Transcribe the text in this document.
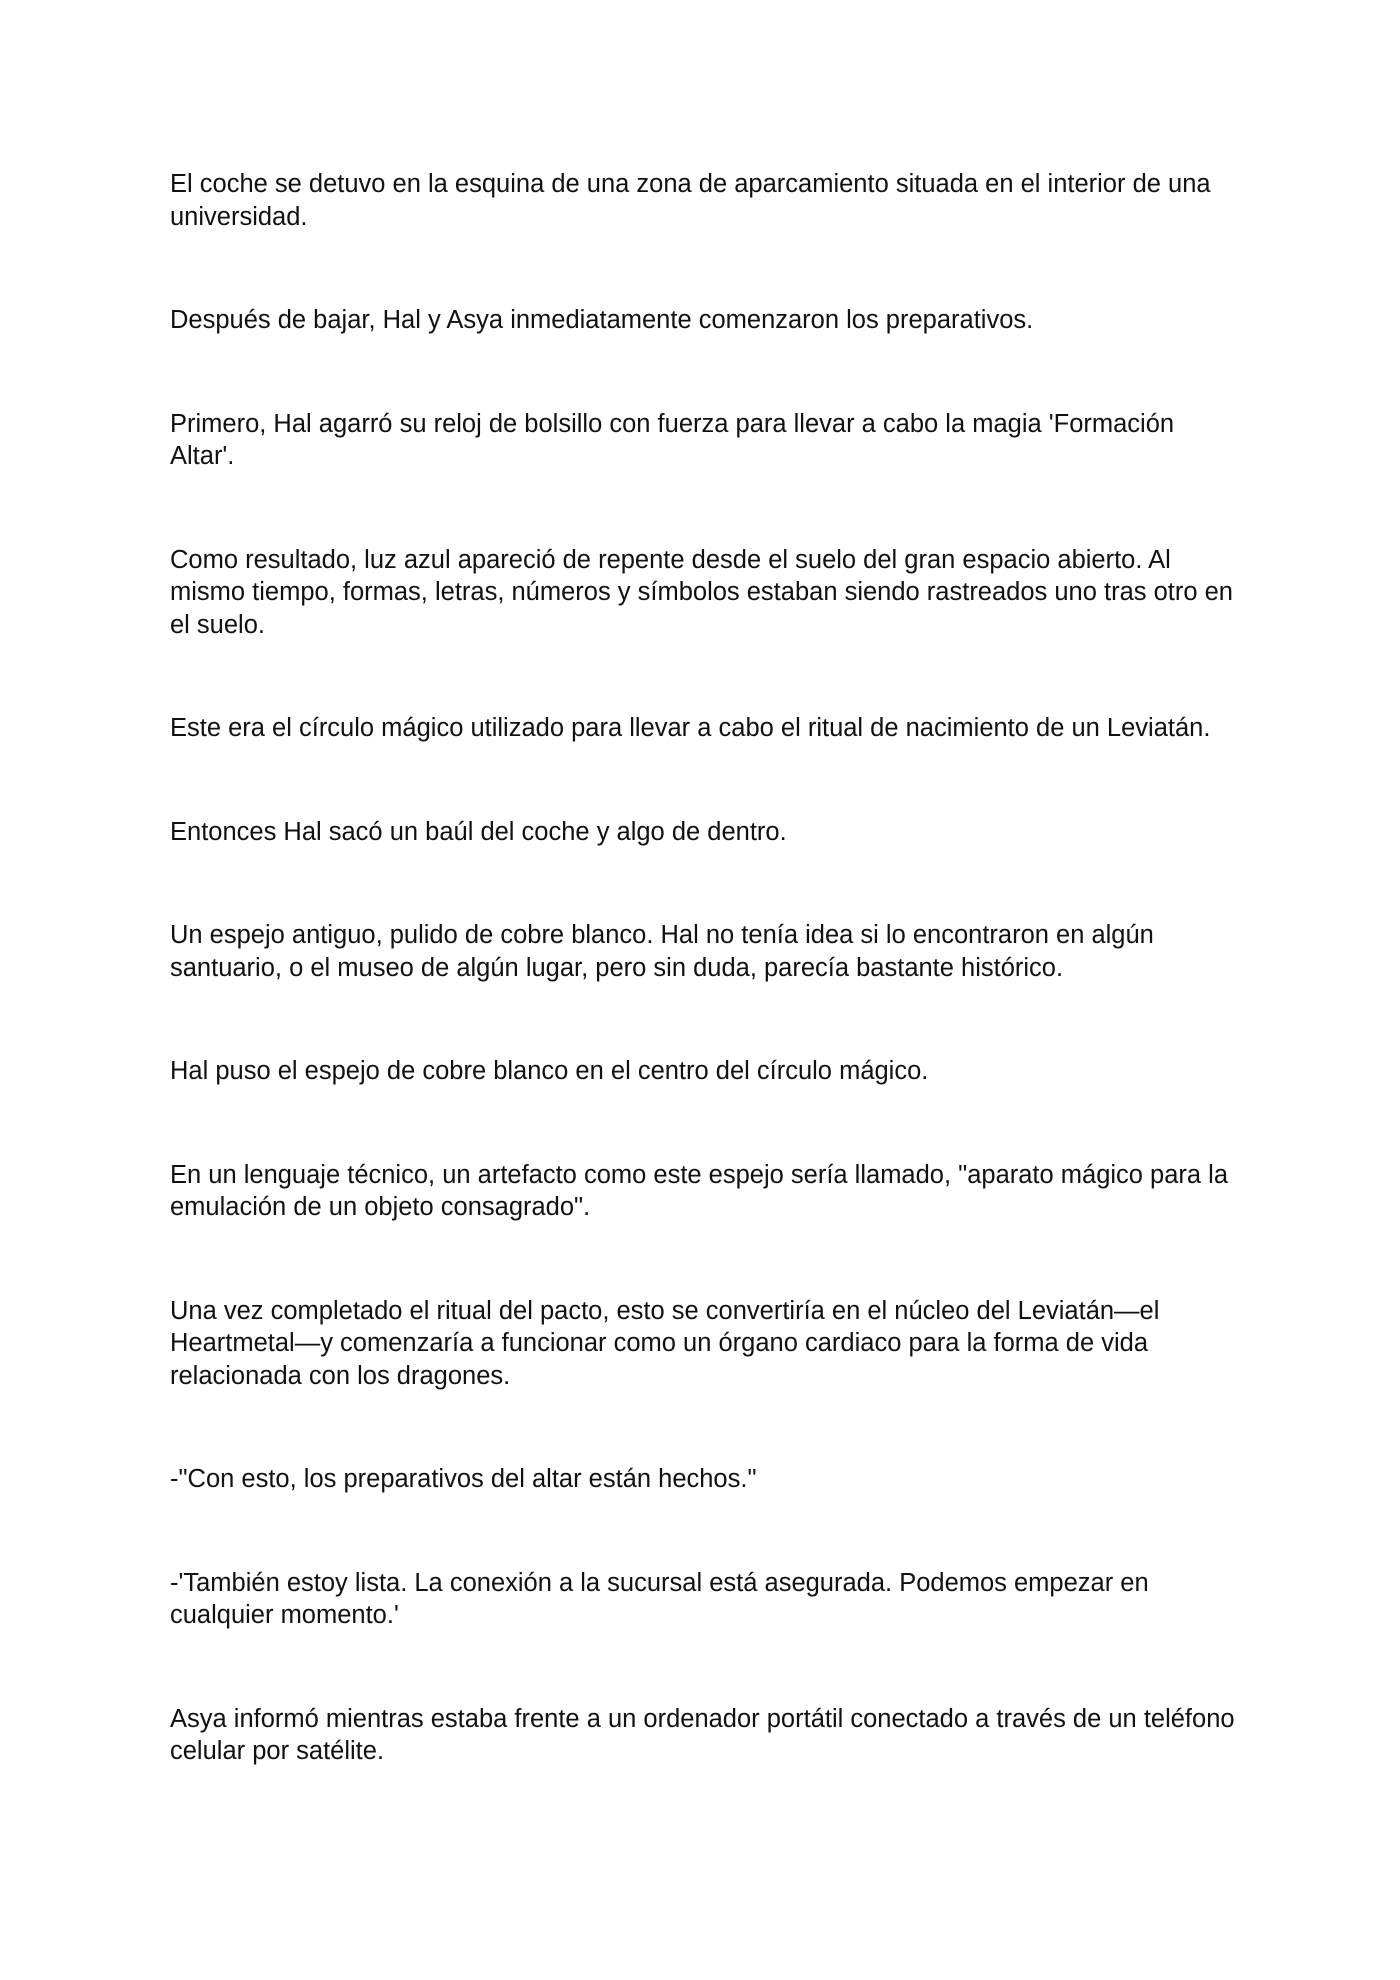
El coche se detuvo en la esquina de una zona de aparcamiento situada en el interior de una universidad.

Después de bajar, Hal y Asya inmediatamente comenzaron los preparativos.

Primero, Hal agarró su reloj de bolsillo con fuerza para llevar a cabo la magia 'Formación Altar'.

Como resultado, luz azul apareció de repente desde el suelo del gran espacio abierto. Al mismo tiempo, formas, letras, números y símbolos estaban siendo rastreados uno tras otro en el suelo.

Este era el círculo mágico utilizado para llevar a cabo el ritual de nacimiento de un Leviatán.

Entonces Hal sacó un baúl del coche y algo de dentro.

Un espejo antiguo, pulido de cobre blanco. Hal no tenía idea si lo encontraron en algún santuario, o el museo de algún lugar, pero sin duda, parecía bastante histórico.

Hal puso el espejo de cobre blanco en el centro del círculo mágico.

En un lenguaje técnico, un artefacto como este espejo sería llamado, "aparato mágico para la emulación de un objeto consagrado".

Una vez completado el ritual del pacto, esto se convertiría en el núcleo del Leviatán—el Heartmetal—y comenzaría a funcionar como un órgano cardiaco para la forma de vida relacionada con los dragones.

-"Con esto, los preparativos del altar están hechos."

-'También estoy lista. La conexión a la sucursal está asegurada. Podemos empezar en cualquier momento.'

Asya informó mientras estaba frente a un ordenador portátil conectado a través de un teléfono celular por satélite.
